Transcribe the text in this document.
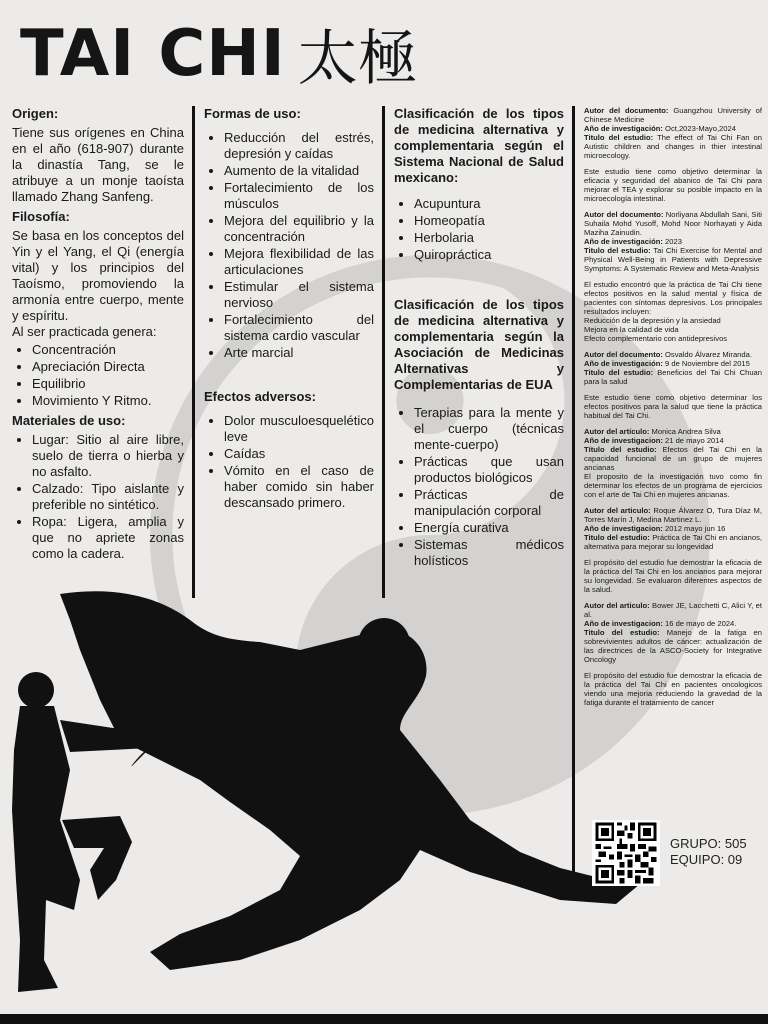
TAI CHI 太極
Origen:

Tiene sus orígenes en China en el año (618-907) durante la dinastía Tang, se le atribuye a un monje taoísta llamado Zhang Sanfeng.

Filosofía:

Se basa en los conceptos del Yin y el Yang, el Qi (energía vital) y los principios del Taoísmo, promoviendo la armonía entre cuerpo, mente y espíritu.

Al ser practicada genera:

• Concentración
• Apreciación Directa
• Equilibrio
• Movimiento Y Ritmo.
Materiales de uso:
• Lugar: Sitio al aire libre, suelo de tierra o hierba y no asfalto.
• Calzado: Tipo aislante y preferible no sintético.
• Ropa: Ligera, amplia y que no apriete zonas como la cadera.
Formas de uso:
• Reducción del estrés, depresión y caídas
• Aumento de la vitalidad
• Fortalecimiento de los músculos
• Mejora del equilibrio y la concentración
• Mejora flexibilidad de las articulaciones
• Estimular el sistema nervioso
• Fortalecimiento del sistema cardio vascular
• Arte marcial
Efectos adversos:
• Dolor musculoesquelético leve
• Caídas
• Vómito en el caso de haber comido sin haber descansado primero.
Clasificación de los tipos de medicina alternativa y complementaria según el Sistema Nacional de Salud mexicano:
• Acupuntura
• Homeopatía
• Herbolaria
• Quiropráctica
Clasificación de los tipos de medicina alternativa y complementaria según la Asociación de Medicinas Alternativas y Complementarias de EUA
• Terapias para la mente y el cuerpo (técnicas mente-cuerpo)
• Prácticas que usan productos biológicos
• Prácticas de manipulación corporal
• Energía curativa
• Sistemas médicos holísticos
Autor del documento: Guangzhou University of Chinese Medicine
Año de investigación: Oct,2023-Mayo,2024
Titulo del estudio: The effect of Tai Chi Fan on Autistic children and changes in thier intestinal microecology.
Este estudio tiene como objetivo determinar la eficacia y seguridad del abanico de Tai Chi para mejorar el TEA y explorar su posible impacto en la microecología intestinal.
Autor del documento: Norliyana Abdullah Sani, Siti Suhaila Mohd Yusoff, Mohd Noor Norhayati y Aida Maziha Zainudin.
Año de investigación: 2023
Titulo del estudio: Tai Chi Exercise for Mental and Physical Well-Being in Patients with Depressive Symptoms: A Systematic Review and Meta-Analysis
El estudio encontró que la práctica de Tai Chi tiene efectos positivos en la salud mental y física de pacientes con síntomas depresivos. Los principales resultados incluyen:
Reducción de la depresión y la ansiedad
Mejora en la calidad de vida
Efecto complementario con antidepresivos
Autor del documento: Osvaldo Álvarez Miranda.
Año de investigación: 9 de Noviembre del 2015
Titulo del estudio: Beneficios del Tai Chi Chuan para la salud
Este estudio tiene como objetivo determinar los efectos positivos para la salud que tiene la práctica habitual del Tai Chi.
Autor del artículo: Monica Andrea Silva
Año de investigacion: 21 de mayo 2014
Título del estudio: Efectos del Tai Chi en la capacidad funcional de un grupo de mujeres ancianas
El proposito de la investigación tuvo como fin determinar los efectos de un programa de ejercicios con el arte de Tai Chi en mujeres ancianas.
Autor del articulo: Roque Álvarez O, Tura Díaz M, Torres Marín J, Medina Martinez L.
Año de investigacion: 2012 mayo jun 16
Titulo del estudio: Práctica de Tai Chi en ancianos, alternativa para mejorar su longevidad
El propósito del estudio fue demostrar la eficacia de la práctica del Tai Chi en los ancianos para mejorar su longevidad. Se evaluaron diferentes aspectos de la salud.
Autor del articulo: Bower JE, Lacchetti C, Alici Y, et al.
Año de investigacion: 16 de mayo de 2024.
Titulo del estudio: Manejo de la fatiga en sobrevivientes adultos de cáncer: actualización de las directrices de la ASCO-Society for Integrative Oncology
El propósito del estudio fue demostrar la eficacia de la práctica del Tai Chi en pacientes oncologicos viendo una mejoria reduciendo la gravedad de la fatiga durante el tratamiento de cancer
GRUPO: 505
EQUIPO: 09
